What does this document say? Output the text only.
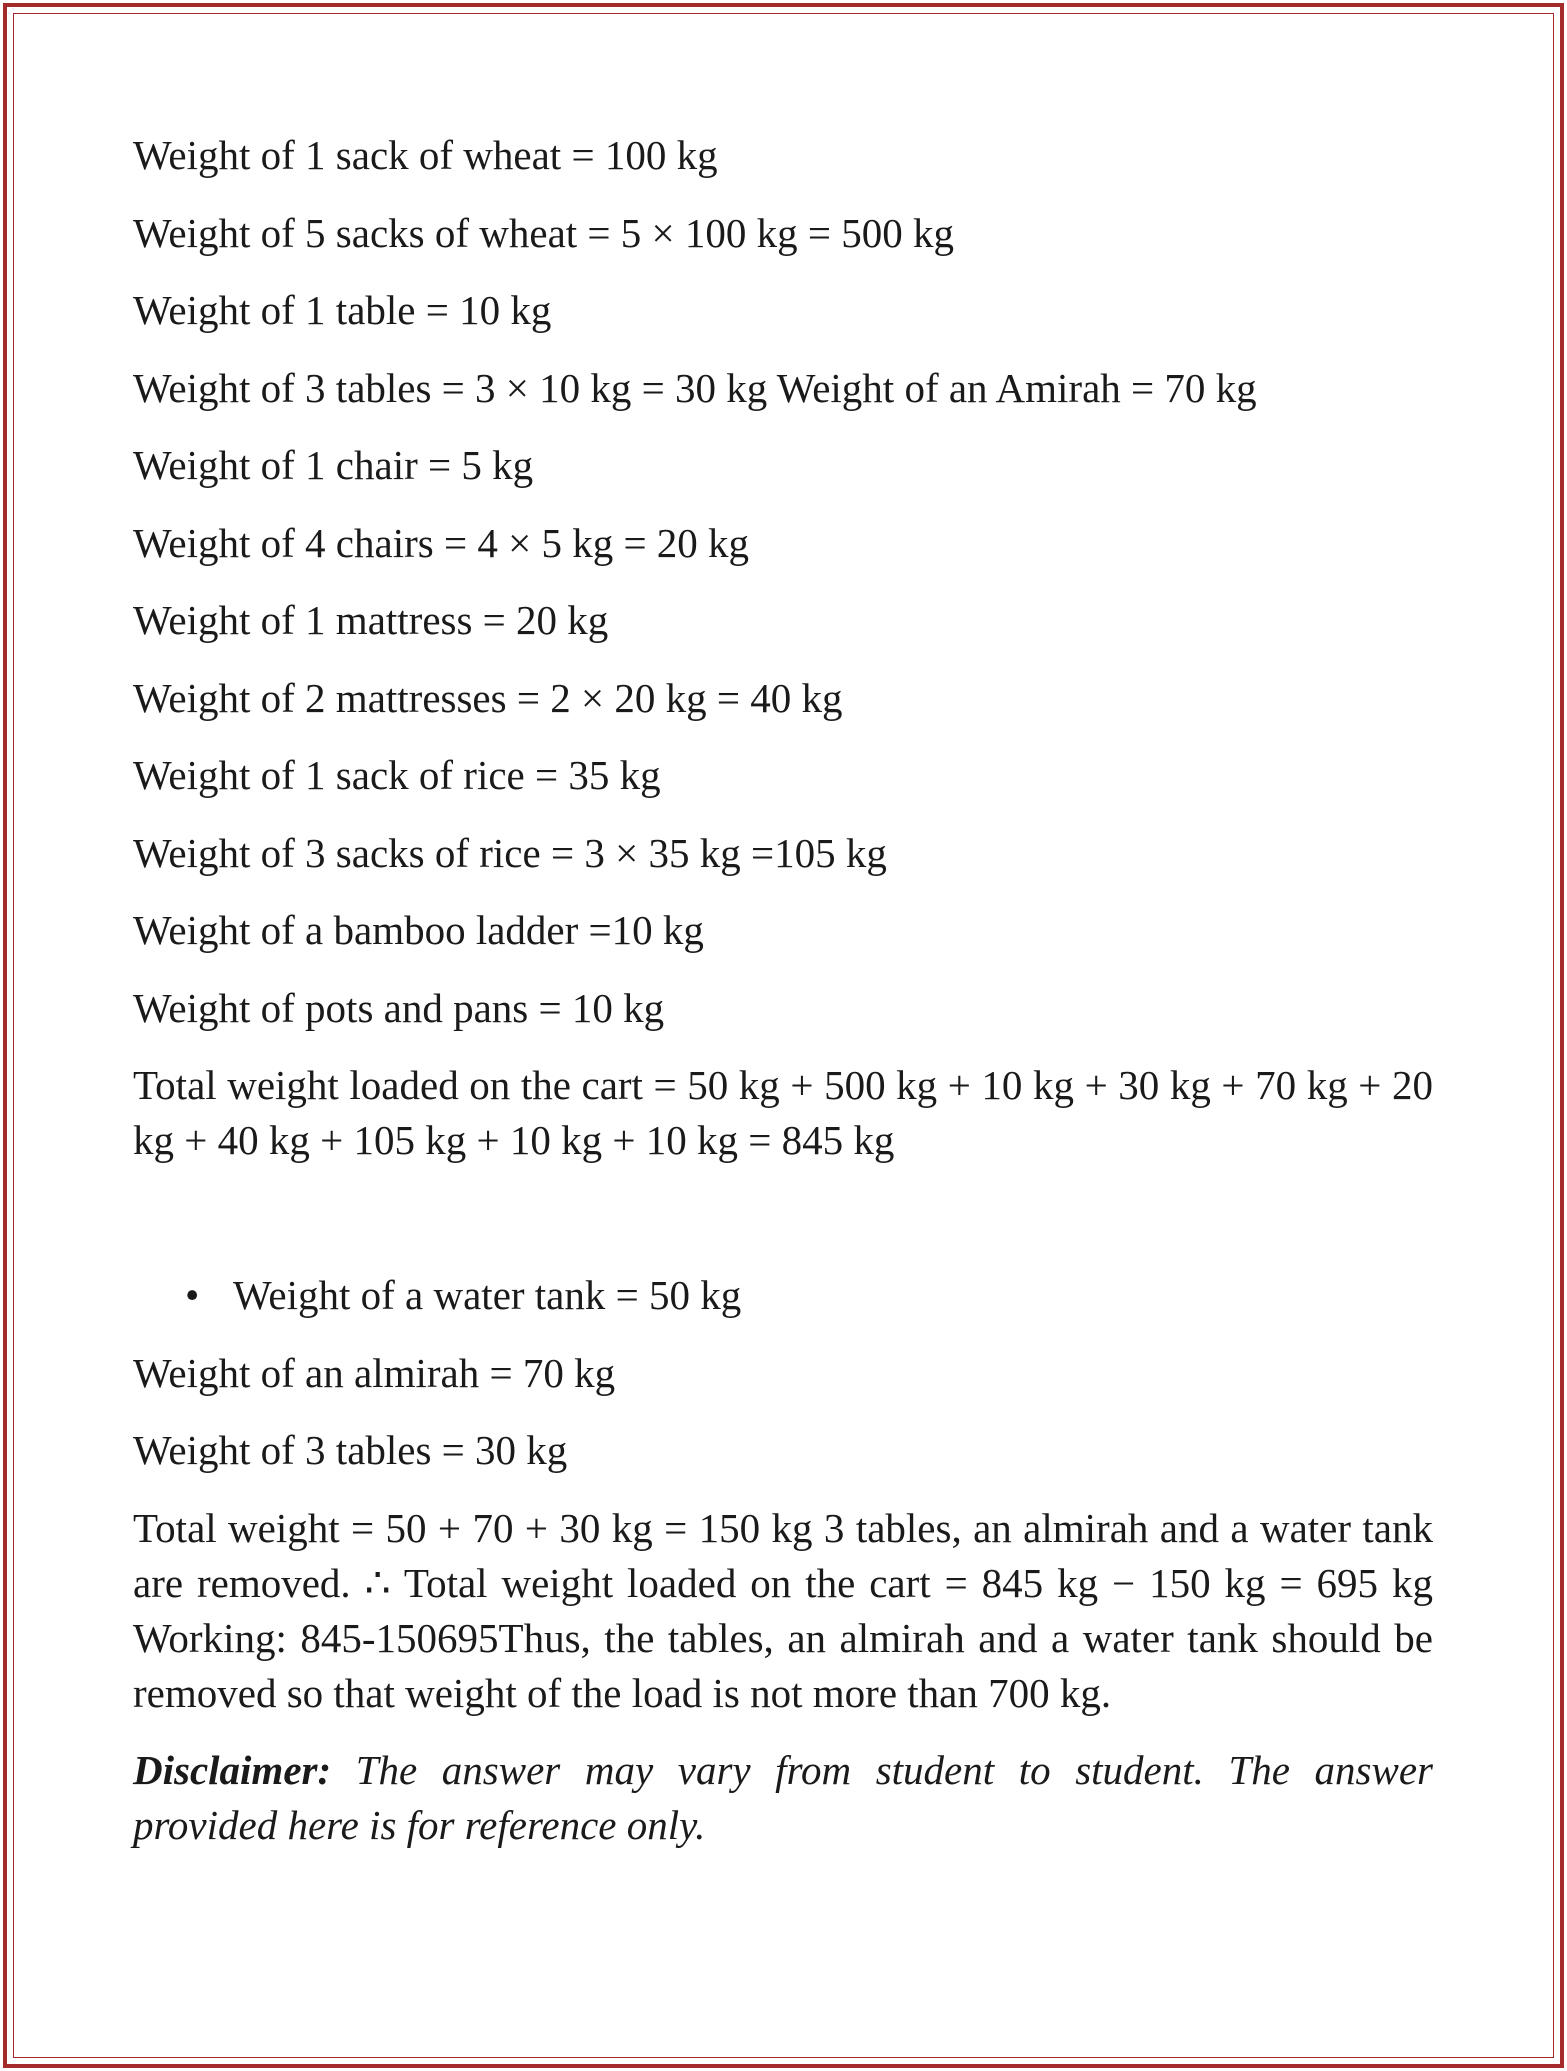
Weight of 1 sack of wheat = 100 kg

Weight of 5 sacks of wheat = 5 × 100 kg = 500 kg

Weight of 1 table = 10 kg

Weight of 3 tables = 3 × 10 kg = 30 kg Weight of an Amirah = 70 kg

Weight of 1 chair = 5 kg

Weight of 4 chairs = 4 × 5 kg = 20 kg

Weight of 1 mattress = 20 kg

Weight of 2 mattresses = 2 × 20 kg = 40 kg

Weight of 1 sack of rice = 35 kg

Weight of 3 sacks of rice = 3 × 35 kg =105 kg

Weight of a bamboo ladder =10 kg

Weight of pots and pans = 10 kg

Total weight loaded on the cart = 50 kg + 500 kg + 10 kg + 30 kg + 70 kg + 20 kg + 40 kg + 105 kg + 10 kg + 10 kg = 845 kg

• Weight of a water tank = 50 kg

Weight of an almirah = 70 kg

Weight of 3 tables = 30 kg

Total weight = 50 + 70 + 30 kg = 150 kg 3 tables, an almirah and a water tank are removed. ∴ Total weight loaded on the cart = 845 kg − 150 kg = 695 kg Working: 845-150695Thus, the tables, an almirah and a water tank should be removed so that weight of the load is not more than 700 kg.

Disclaimer: The answer may vary from student to student. The answer provided here is for reference only.
